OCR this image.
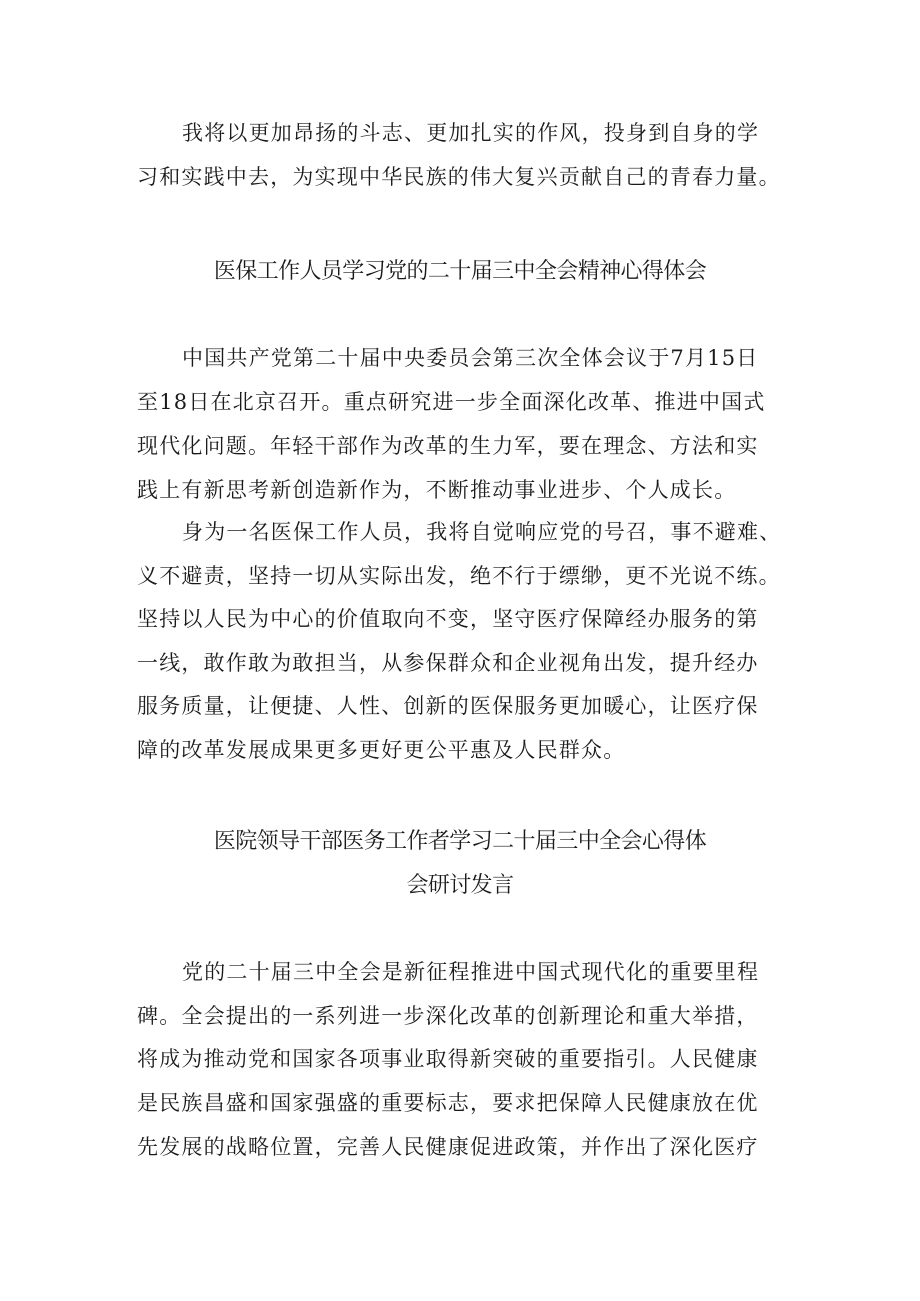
我将以更加昂扬的斗志、更加扎实的作风，投身到自身的学
习和实践中去，为实现中华民族的伟大复兴贡献自己的青春力量。
医保工作人员学习党的二十届三中全会精神心得体会
中国共产党第二十届中央委员会第三次全体会议于7月15日
至18日在北京召开。重点研究进一步全面深化改革、推进中国式
现代化问题。年轻干部作为改革的生力军，要在理念、方法和实
践上有新思考新创造新作为，不断推动事业进步、个人成长。
身为一名医保工作人员，我将自觉响应党的号召，事不避难、
义不避责，坚持一切从实际出发，绝不行于缥缈，更不光说不练。
坚持以人民为中心的价值取向不变，坚守医疗保障经办服务的第
一线，敢作敢为敢担当，从参保群众和企业视角出发，提升经办
服务质量，让便捷、人性、创新的医保服务更加暖心，让医疗保
障的改革发展成果更多更好更公平惠及人民群众。
医院领导干部医务工作者学习二十届三中全会心得体
会研讨发言
党的二十届三中全会是新征程推进中国式现代化的重要里程
碑。全会提出的一系列进一步深化改革的创新理论和重大举措，
将成为推动党和国家各项事业取得新突破的重要指引。人民健康
是民族昌盛和国家强盛的重要标志，要求把保障人民健康放在优
先发展的战略位置，完善人民健康促进政策，并作出了深化医疗
